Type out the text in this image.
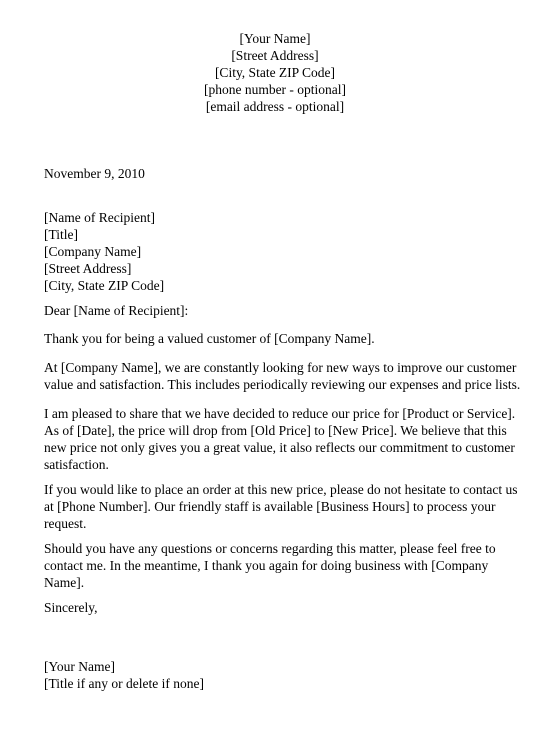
[Your Name]
[Street Address]
[City, State ZIP Code]
[phone number - optional]
[email address - optional]
November 9, 2010
[Name of Recipient]
[Title]
[Company Name]
[Street Address]
[City, State ZIP Code]
Dear [Name of Recipient]:
Thank you for being a valued customer of [Company Name].
At [Company Name], we are constantly looking for new ways to improve our customer
value and satisfaction. This includes periodically reviewing our expenses and price lists.
I am pleased to share that we have decided to reduce our price for [Product or Service].
As of [Date], the price will drop from [Old Price] to [New Price]. We believe that this
new price not only gives you a great value, it also reflects our commitment to customer
satisfaction.
If you would like to place an order at this new price, please do not hesitate to contact us
at [Phone Number]. Our friendly staff is available [Business Hours] to process your
request.
Should you have any questions or concerns regarding this matter, please feel free to
contact me. In the meantime, I thank you again for doing business with [Company
Name].
Sincerely,
[Your Name]
[Title if any or delete if none]
